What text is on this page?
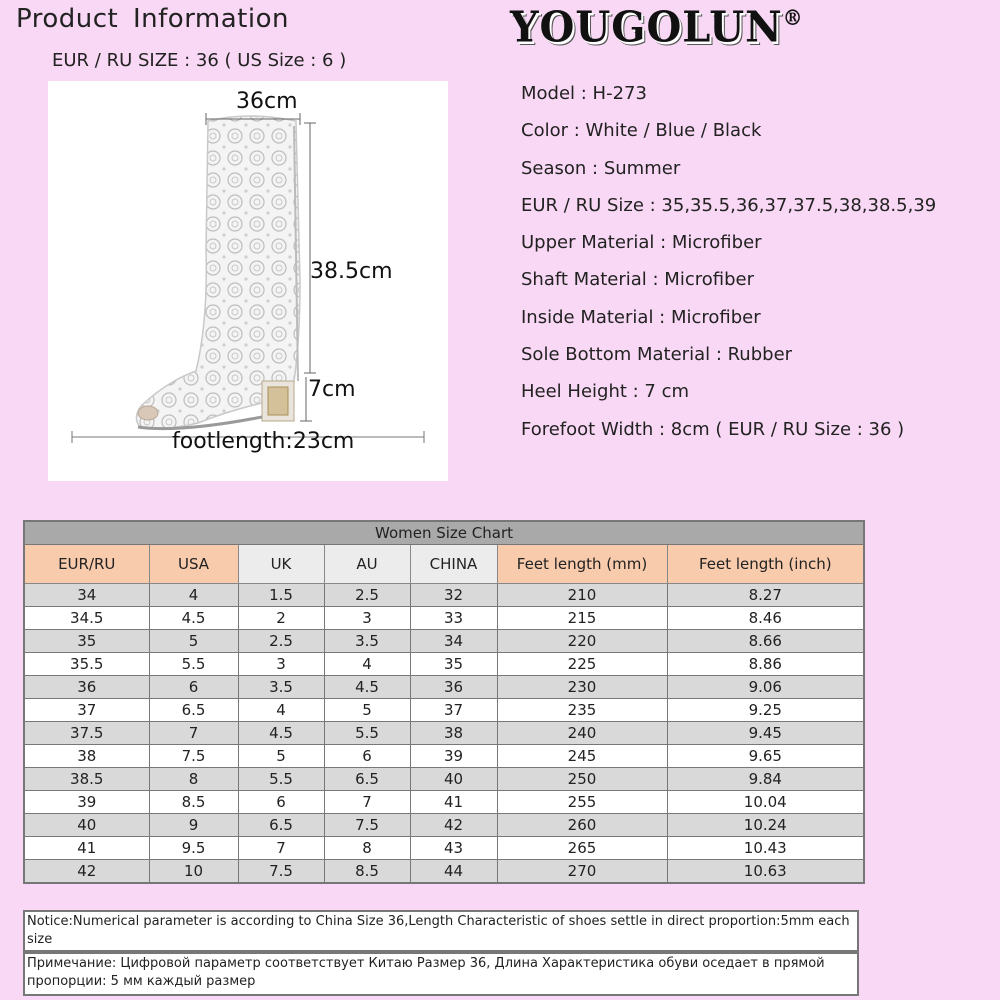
Product Information
EUR / RU SIZE : 36 ( US Size : 6 )
YOUGOLUN®
36cm
38.5cm
7cm
footlength:23cm
Model : H-273
Color : White / Blue / Black
Season : Summer
EUR / RU Size : 35,35.5,36,37,37.5,38,38.5,39
Upper Material : Microfiber
Shaft Material : Microfiber
Inside Material : Microfiber
Sole Bottom Material : Rubber
Heel Height : 7 cm
Forefoot Width : 8cm ( EUR / RU Size : 36 )
Women Size Chart						
EUR/RU	USA	UK	AU	CHINA	Feet length (mm)	Feet length (inch)
34	4	1.5	2.5	32	210	8.27
34.5	4.5	2	3	33	215	8.46
35	5	2.5	3.5	34	220	8.66
35.5	5.5	3	4	35	225	8.86
36	6	3.5	4.5	36	230	9.06
37	6.5	4	5	37	235	9.25
37.5	7	4.5	5.5	38	240	9.45
38	7.5	5	6	39	245	9.65
38.5	8	5.5	6.5	40	250	9.84
39	8.5	6	7	41	255	10.04
40	9	6.5	7.5	42	260	10.24
41	9.5	7	8	43	265	10.43
42	10	7.5	8.5	44	270	10.63
Notice:Numerical parameter is according to China Size 36,Length Characteristic of shoes settle in direct proportion:5mm each size
Примечание: Цифровой параметр соответствует Китаю Размер 36, Длина Характеристика обуви оседает в прямой пропорции: 5 мм каждый размер
